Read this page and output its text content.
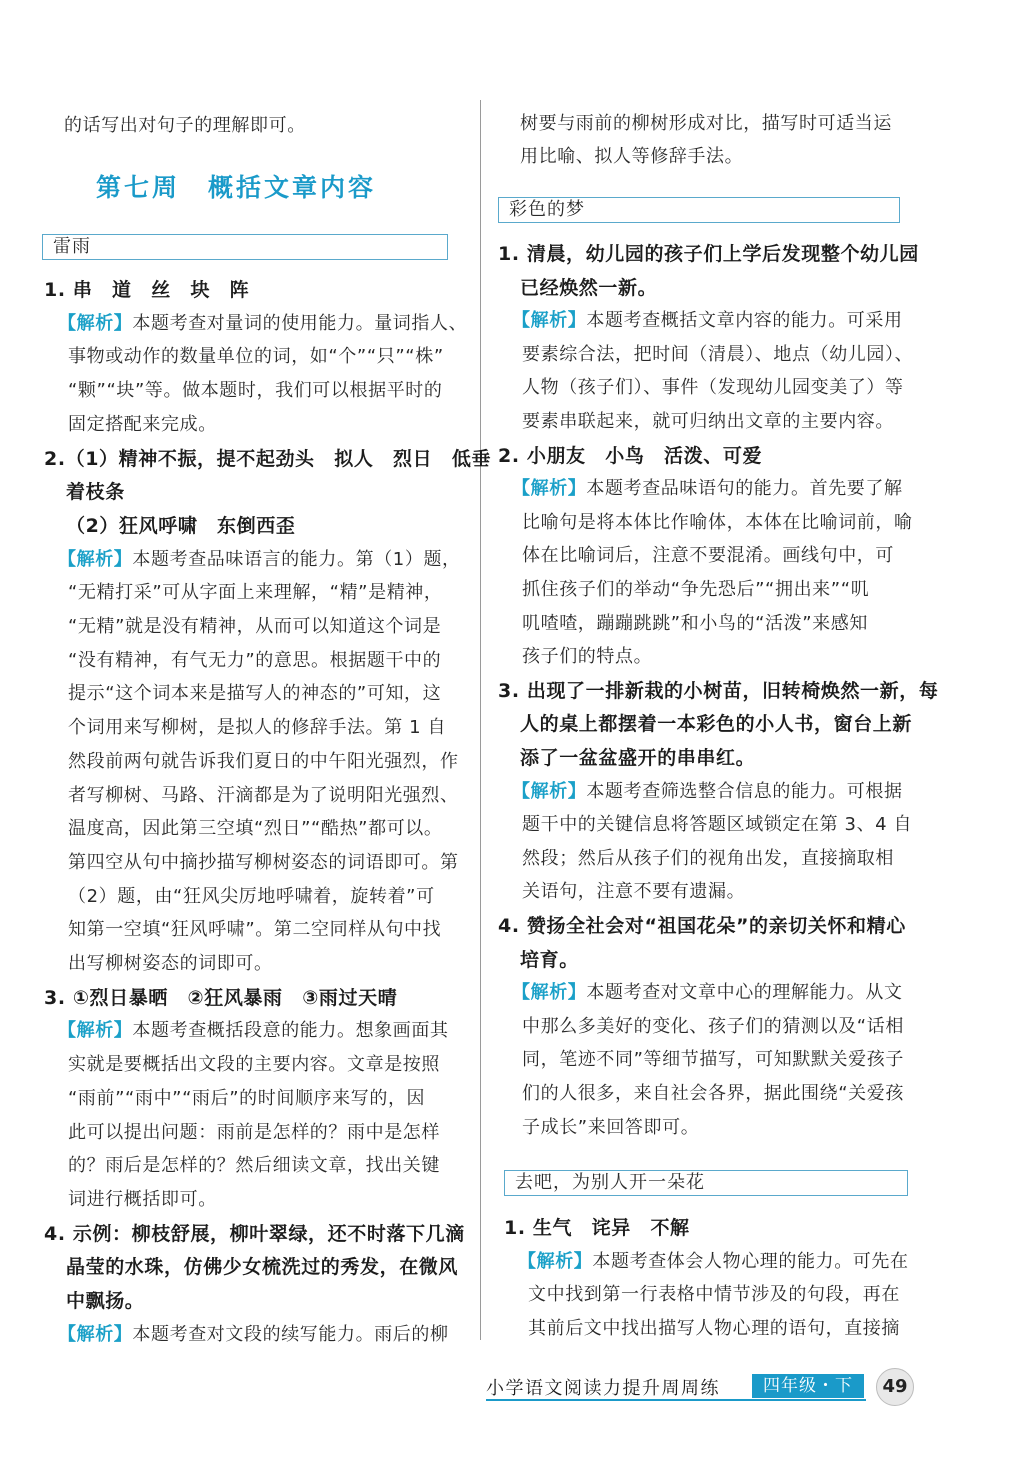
的话写出对句子的理解即可。
第七周　概括文章内容
雷雨
1. 串　道　丝　块　阵
【解析】本题考查对量词的使用能力。量词指人、
事物或动作的数量单位的词，如“个”“只”“株”
“颗”“块”等。做本题时，我们可以根据平时的
固定搭配来完成。
2.（1）精神不振，提不起劲头　拟人　烈日　低垂
着枝条
（2）狂风呼啸　东倒西歪
【解析】本题考查品味语言的能力。第（1）题，
“无精打采”可从字面上来理解，“精”是精神，
“无精”就是没有精神，从而可以知道这个词是
“没有精神，有气无力”的意思。根据题干中的
提示“这个词本来是描写人的神态的”可知，这
个词用来写柳树，是拟人的修辞手法。第 1 自
然段前两句就告诉我们夏日的中午阳光强烈，作
者写柳树、马路、汗滴都是为了说明阳光强烈、
温度高，因此第三空填“烈日”“酷热”都可以。
第四空从句中摘抄描写柳树姿态的词语即可。第
（2）题，由“狂风尖厉地呼啸着，旋转着”可
知第一空填“狂风呼啸”。第二空同样从句中找
出写柳树姿态的词即可。
3. ①烈日暴晒　②狂风暴雨　③雨过天晴
【解析】本题考查概括段意的能力。想象画面其
实就是要概括出文段的主要内容。文章是按照
“雨前”“雨中”“雨后”的时间顺序来写的，因
此可以提出问题：雨前是怎样的？雨中是怎样
的？雨后是怎样的？然后细读文章，找出关键
词进行概括即可。
4. 示例：柳枝舒展，柳叶翠绿，还不时落下几滴
晶莹的水珠，仿佛少女梳洗过的秀发，在微风
中飘扬。
【解析】本题考查对文段的续写能力。雨后的柳
树要与雨前的柳树形成对比，描写时可适当运
用比喻、拟人等修辞手法。
彩色的梦
1. 清晨，幼儿园的孩子们上学后发现整个幼儿园
已经焕然一新。
【解析】本题考查概括文章内容的能力。可采用
要素综合法，把时间（清晨）、地点（幼儿园）、
人物（孩子们）、事件（发现幼儿园变美了）等
要素串联起来，就可归纳出文章的主要内容。
2. 小朋友　小鸟　活泼、可爱
【解析】本题考查品味语句的能力。首先要了解
比喻句是将本体比作喻体，本体在比喻词前，喻
体在比喻词后，注意不要混淆。画线句中，可
抓住孩子们的举动“争先恐后”“拥出来”“叽
叽喳喳，蹦蹦跳跳”和小鸟的“活泼”来感知
孩子们的特点。
3. 出现了一排新栽的小树苗，旧转椅焕然一新，每
人的桌上都摆着一本彩色的小人书，窗台上新
添了一盆盆盛开的串串红。
【解析】本题考查筛选整合信息的能力。可根据
题干中的关键信息将答题区域锁定在第 3、4 自
然段；然后从孩子们的视角出发，直接摘取相
关语句，注意不要有遗漏。
4. 赞扬全社会对“祖国花朵”的亲切关怀和精心
培育。
【解析】本题考查对文章中心的理解能力。从文
中那么多美好的变化、孩子们的猜测以及“话相
同，笔迹不同”等细节描写，可知默默关爱孩子
们的人很多，来自社会各界，据此围绕“关爱孩
子成长”来回答即可。
去吧，为别人开一朵花
1. 生气　诧异　不解
【解析】本题考查体会人物心理的能力。可先在
文中找到第一行表格中情节涉及的句段，再在
其前后文中找出描写人物心理的语句，直接摘
小学语文阅读力提升周周练	四年级・下	49
